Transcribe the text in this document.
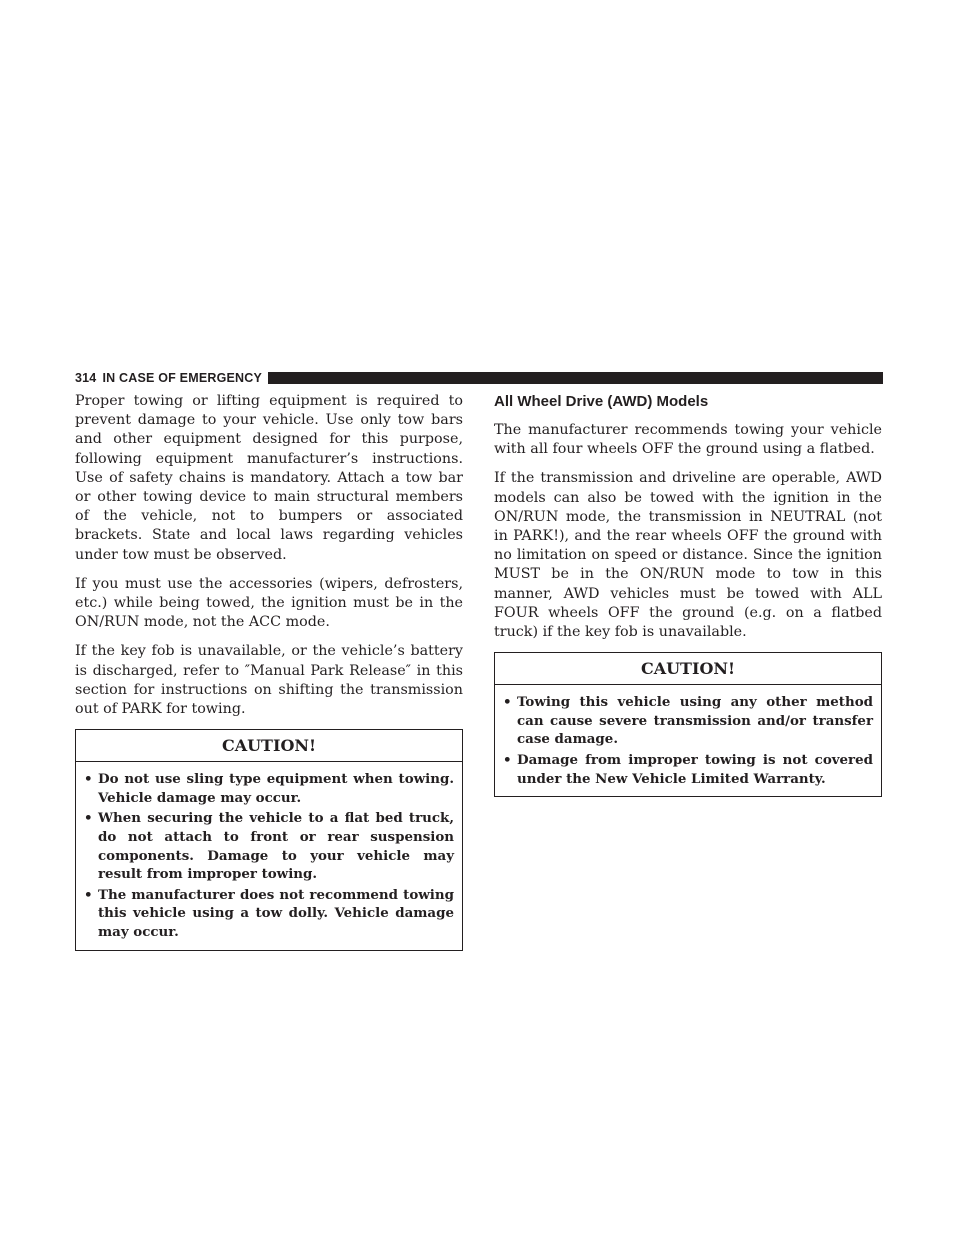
314 IN CASE OF EMERGENCY

Proper towing or lifting equipment is required to prevent damage to your vehicle. Use only tow bars and other equipment designed for this purpose, following equipment manufacturer’s instructions. Use of safety chains is mandatory. Attach a tow bar or other towing device to main structural members of the vehicle, not to bumpers or associated brackets. State and local laws regarding vehicles under tow must be observed.

If you must use the accessories (wipers, defrosters, etc.) while being towed, the ignition must be in the ON/RUN mode, not the ACC mode.

If the key fob is unavailable, or the vehicle’s battery is discharged, refer to ″Manual Park Release″ in this section for instructions on shifting the transmission out of PARK for towing.

CAUTION!
• Do not use sling type equipment when towing. Vehicle damage may occur.
• When securing the vehicle to a flat bed truck, do not attach to front or rear suspension components. Damage to your vehicle may result from improper towing.
• The manufacturer does not recommend towing this vehicle using a tow dolly. Vehicle damage may occur.
All Wheel Drive (AWD) Models

The manufacturer recommends towing your vehicle with all four wheels OFF the ground using a flatbed.

If the transmission and driveline are operable, AWD models can also be towed with the ignition in the ON/RUN mode, the transmission in NEUTRAL (not in PARK!), and the rear wheels OFF the ground with no limitation on speed or distance. Since the ignition MUST be in the ON/RUN mode to tow in this manner, AWD vehicles must be towed with ALL FOUR wheels OFF the ground (e.g. on a flatbed truck) if the key fob is unavailable.

CAUTION!
• Towing this vehicle using any other method can cause severe transmission and/or transfer case damage.
• Damage from improper towing is not covered under the New Vehicle Limited Warranty.
